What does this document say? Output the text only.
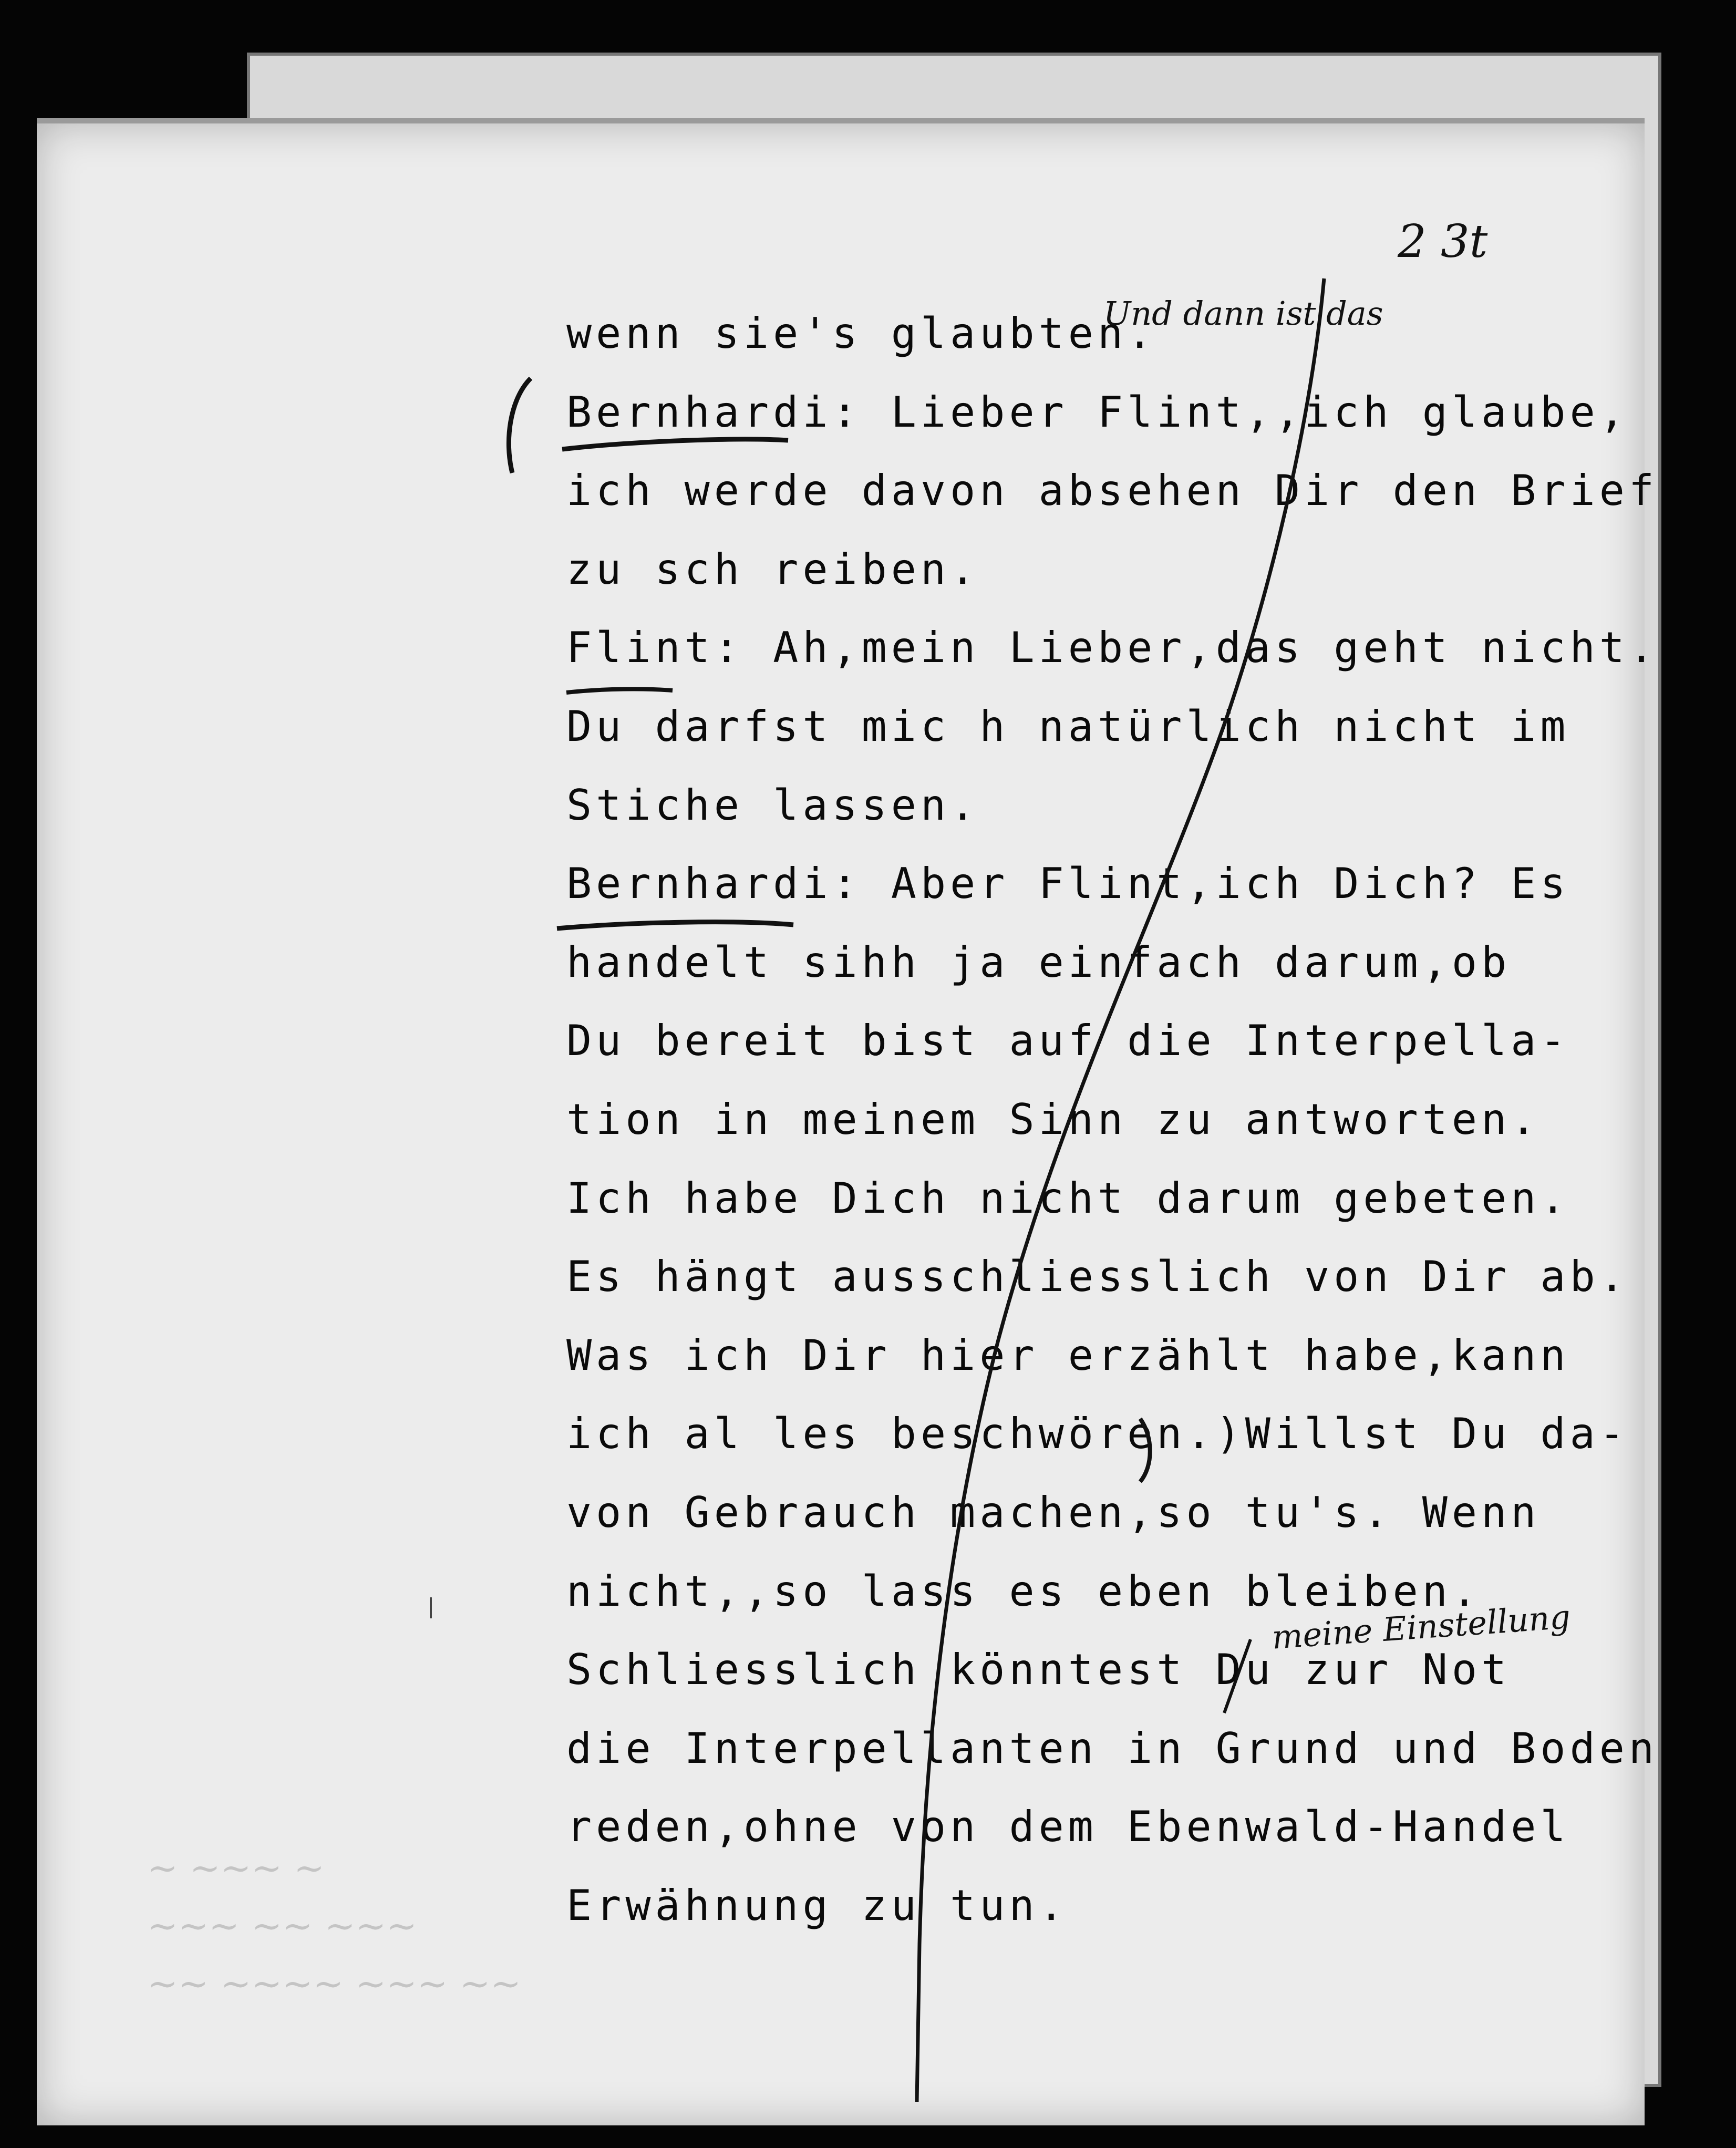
2 3t
wenn sie's glaubten.
Bernhardi: Lieber Flint,,ich glaube,
ich werde davon absehen Dir den Brief
zu sch reiben.
Flint: Ah,mein Lieber,das geht nicht.
Du darfst mic h natürlich nicht im
Stiche lassen.
Bernhardi: Aber Flint,ich Dich? Es
handelt sihh ja einfach darum,ob
Du bereit bist auf die Interpella-
tion in meinem Sinn zu antworten.
Ich habe Dich nicht darum gebeten.
Es hängt ausschliesslich von Dir ab.
Was ich Dir hier erzählt habe,kann
ich al les beschwören.)Willst Du da-
von Gebrauch machen,so tu's. Wenn
nicht,,so lass es eben bleiben.
Schliesslich könntest Du zur Not
die Interpellanten in Grund und Boden
reden,ohne von dem Ebenwald-Handel
Erwähnung zu tun.
Und dann ist das
meine Einstellung
~ ~~~ ~
~~~ ~~ ~~~
~~ ~~~~ ~~~ ~~
